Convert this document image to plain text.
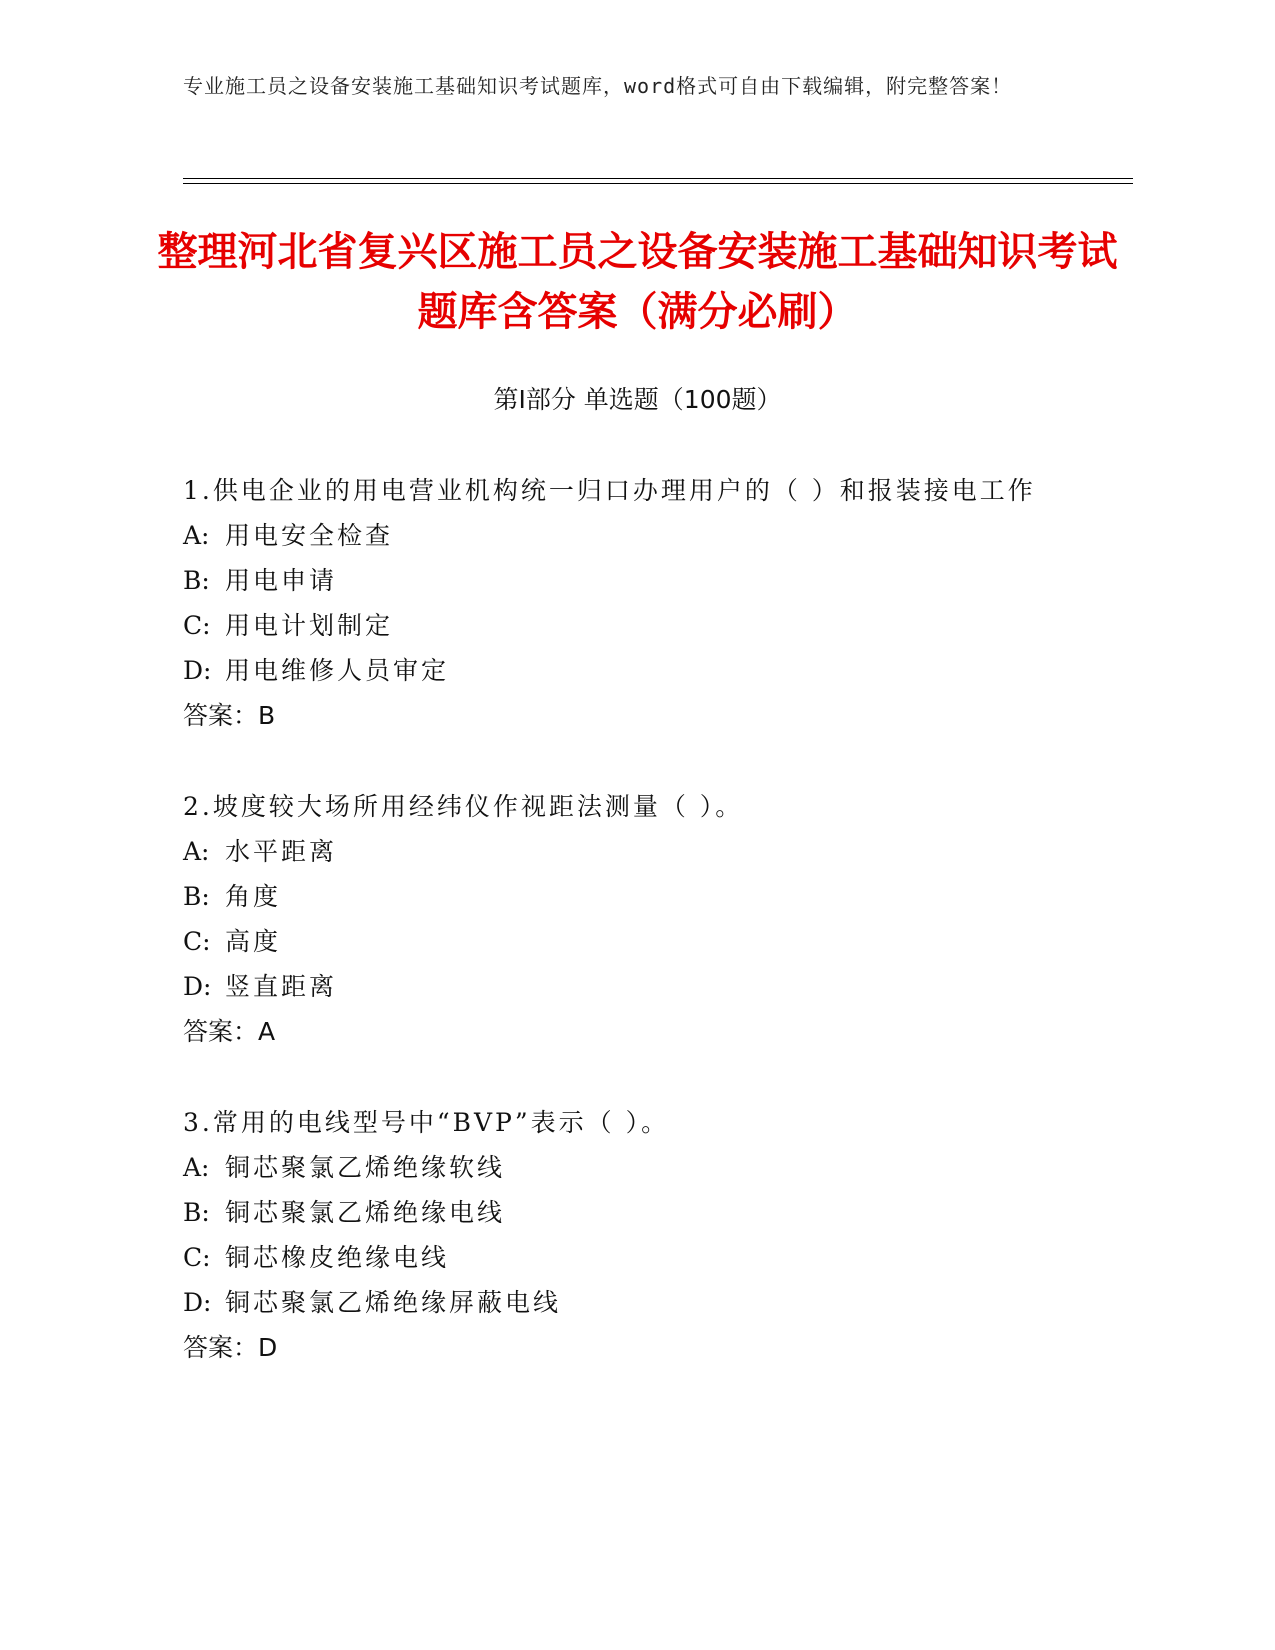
专业施工员之设备安装施工基础知识考试题库，word格式可自由下载编辑，附完整答案！
整理河北省复兴区施工员之设备安装施工基础知识考试题库含答案（满分必刷）
第I部分 单选题（100题）
1.供电企业的用电营业机构统一归口办理用户的（ ）和报装接电工作
A: 用电安全检查
B: 用电申请
C: 用电计划制定
D: 用电维修人员审定
答案：B
2.坡度较大场所用经纬仪作视距法测量（ ）。
A: 水平距离
B: 角度
C: 高度
D: 竖直距离
答案：A
3.常用的电线型号中“BVP”表示（ ）。
A: 铜芯聚氯乙烯绝缘软线
B: 铜芯聚氯乙烯绝缘电线
C: 铜芯橡皮绝缘电线
D: 铜芯聚氯乙烯绝缘屏蔽电线
答案：D
